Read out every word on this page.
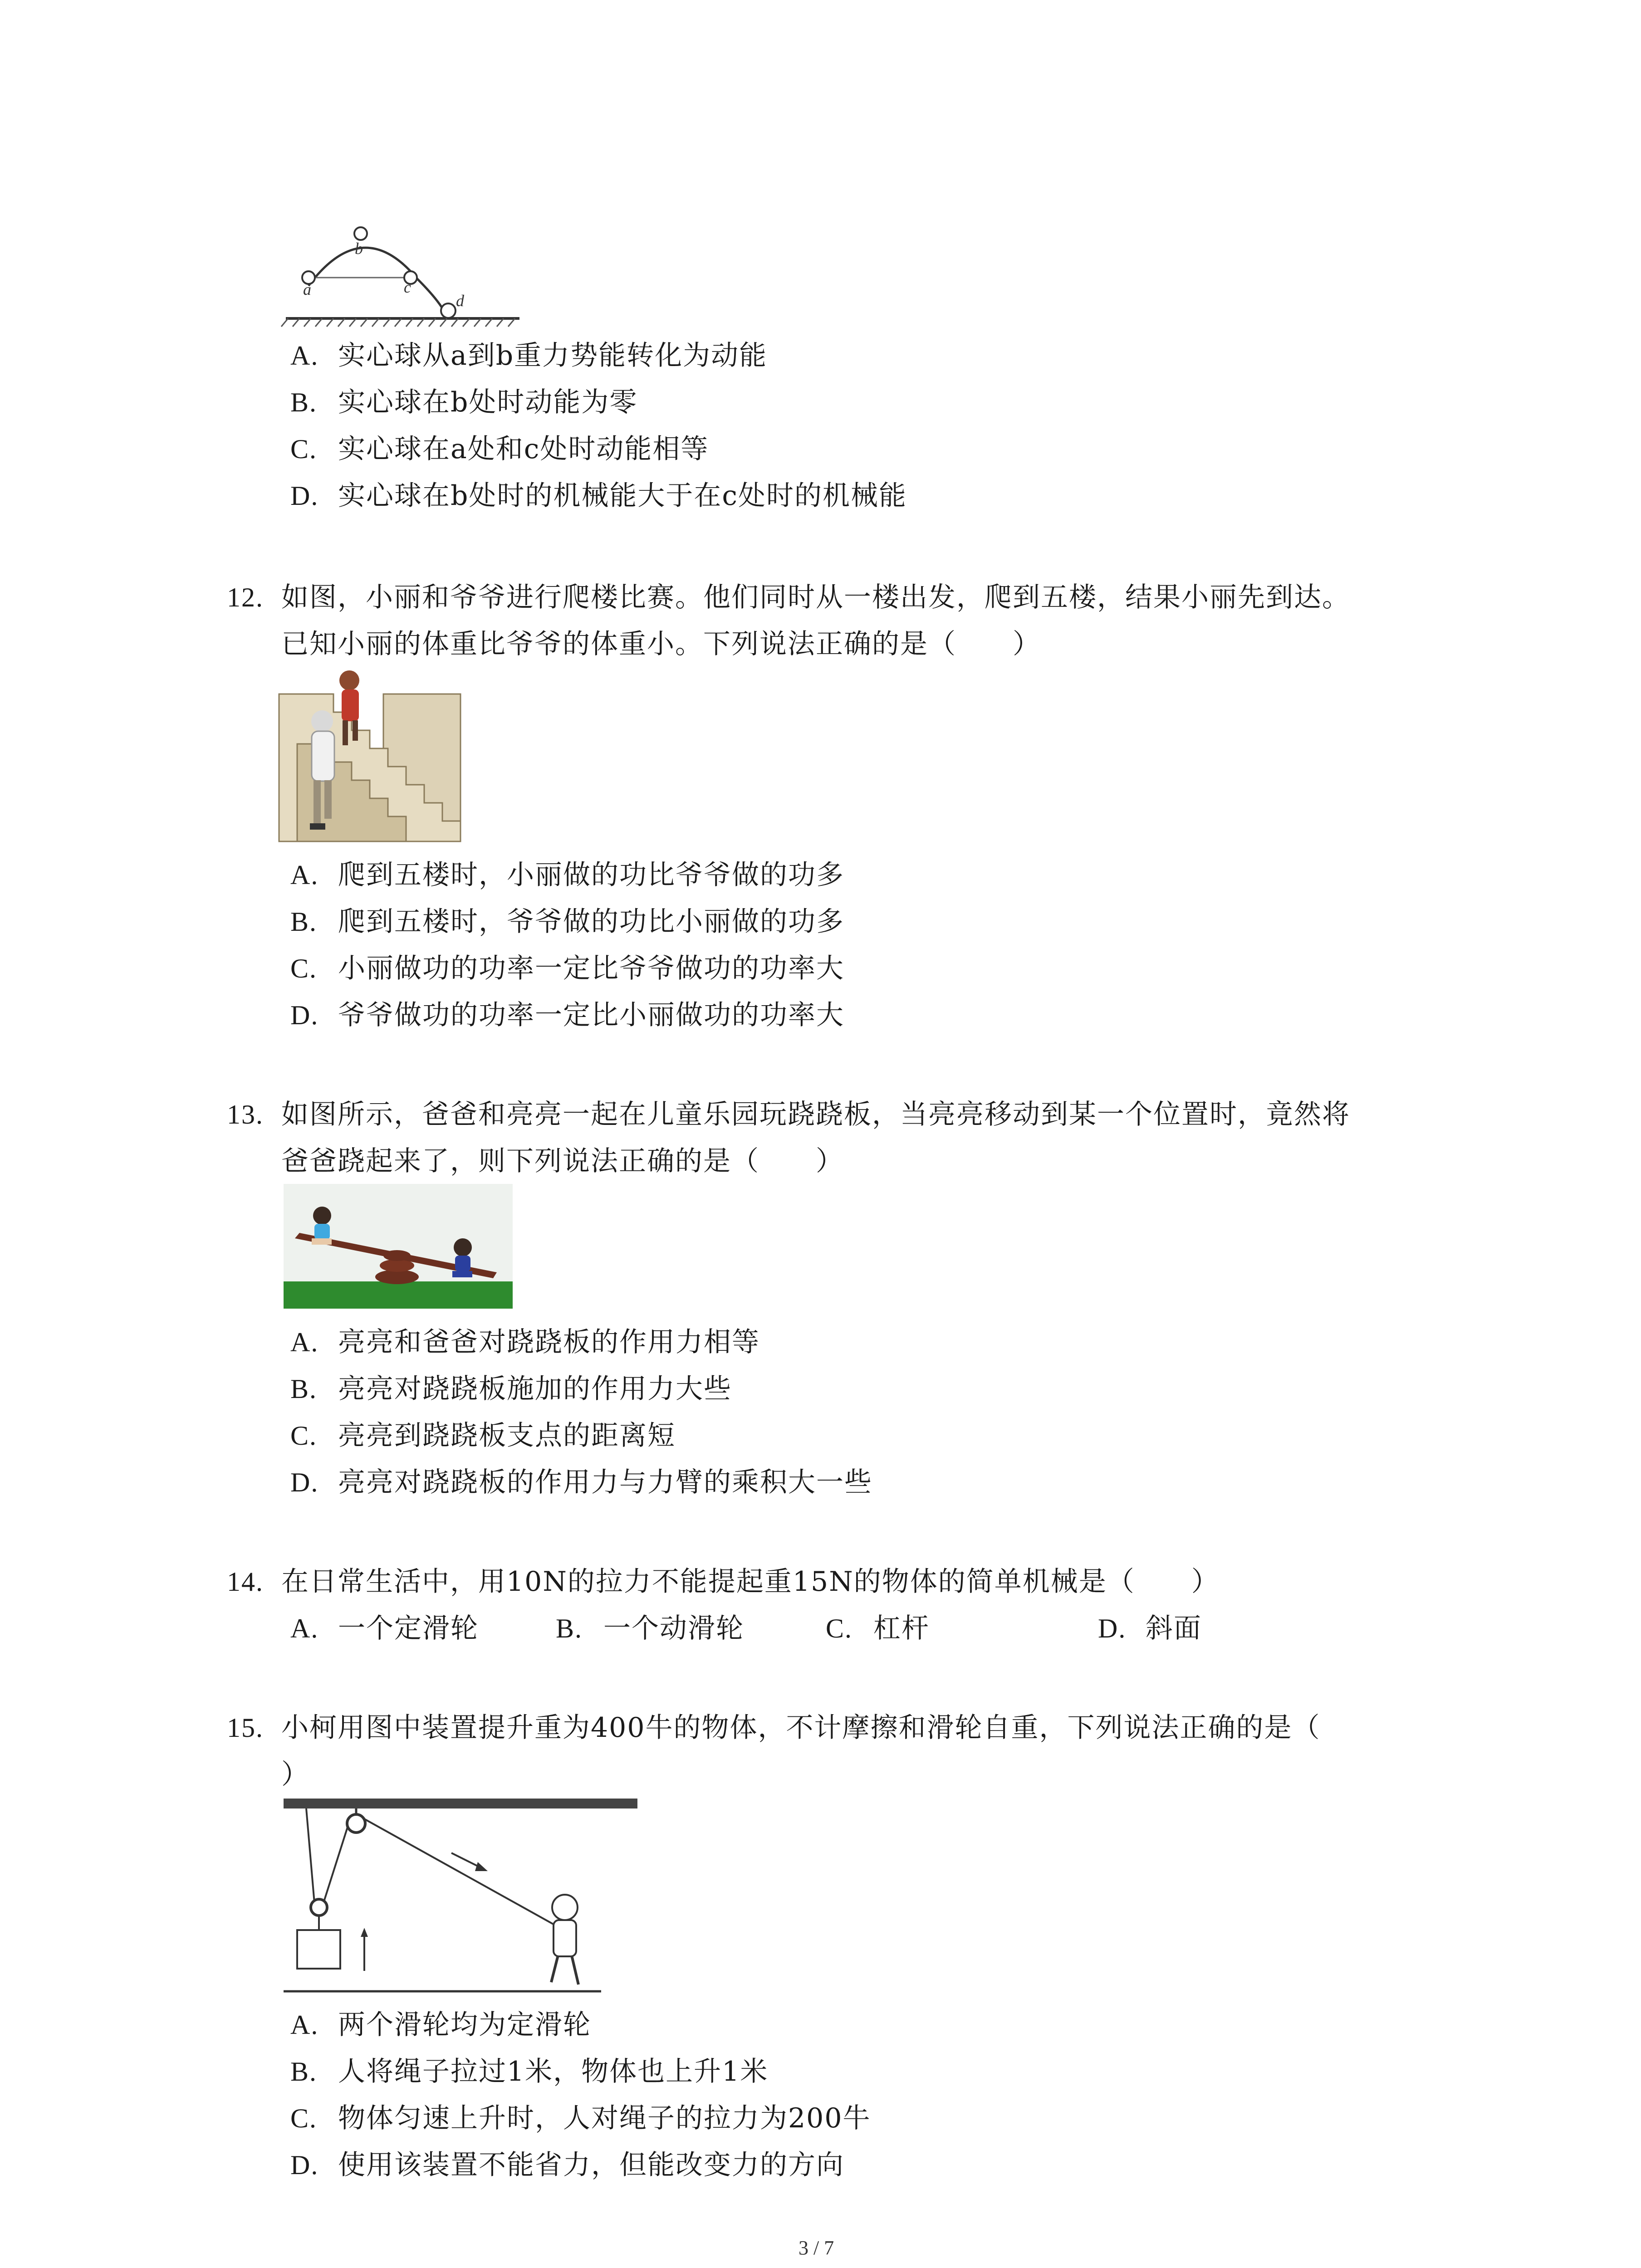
a
b
c
d
A. 实心球从a到b重力势能转化为动能
B. 实心球在b处时动能为零
C. 实心球在a处和c处时动能相等
D. 实心球在b处时的机械能大于在c处时的机械能
12. 如图，小丽和爷爷进行爬楼比赛。他们同时从一楼出发，爬到五楼，结果小丽先到达。
已知小丽的体重比爷爷的体重小。下列说法正确的是（　　）
A. 爬到五楼时，小丽做的功比爷爷做的功多
B. 爬到五楼时，爷爷做的功比小丽做的功多
C. 小丽做功的功率一定比爷爷做功的功率大
D. 爷爷做功的功率一定比小丽做功的功率大
13. 如图所示，爸爸和亮亮一起在儿童乐园玩跷跷板，当亮亮移动到某一个位置时，竟然将
爸爸跷起来了，则下列说法正确的是（　　）
A. 亮亮和爸爸对跷跷板的作用力相等
B. 亮亮对跷跷板施加的作用力大些
C. 亮亮到跷跷板支点的距离短
D. 亮亮对跷跷板的作用力与力臂的乘积大一些
14. 在日常生活中，用10N的拉力不能提起重15N的物体的简单机械是（　　）
A. 一个定滑轮	B. 一个动滑轮	C. 杠杆	D. 斜面
15. 小柯用图中装置提升重为400牛的物体，不计摩擦和滑轮自重，下列说法正确的是（
）
A. 两个滑轮均为定滑轮
B. 人将绳子拉过1米，物体也上升1米
C. 物体匀速上升时，人对绳子的拉力为200牛
D. 使用该装置不能省力，但能改变力的方向
3 / 7
